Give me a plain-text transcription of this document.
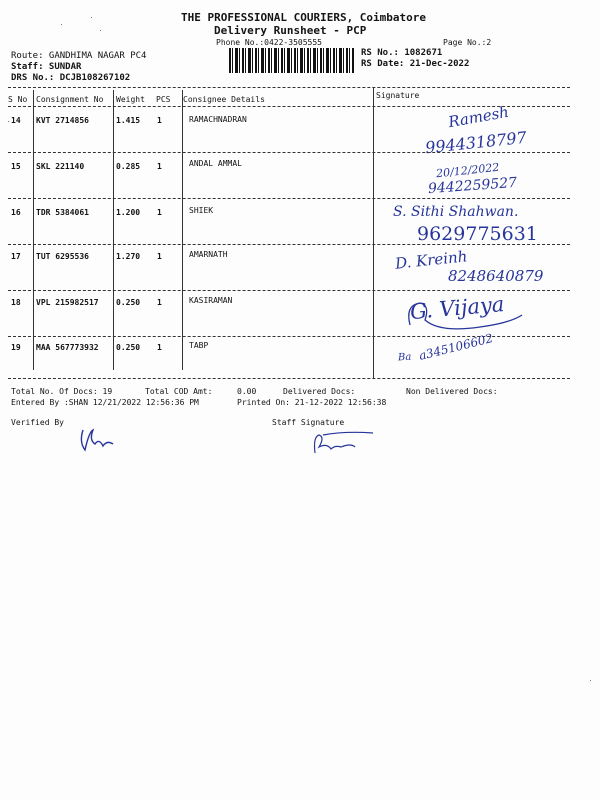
THE PROFESSIONAL COURIERS, Coimbatore
Delivery Runsheet - PCP
Phone No.:0422-3505555	Page No.:2
Route: GANDHIMA NAGAR PC4
Staff: SUNDAR
DRS No.: DCJB108267102
RS No.: 1082671
RS Date: 21-Dec-2022
S No Consignment No Weight PCS Consignee Details	Signature
14 KVT 2714856	1.415 1	RAMACHNADRAN	Ramesh
9944318797
15 SKL 221140	0.285 1	ANDAL AMMAL	20/12/2022
9442259527
16 TDR 5384061	1.200 1	SHIEK	S. Sithi Shahwan.
9629775631
17 TUT 6295536	1.270 1	AMARNATH	D. Kreinh
8248640879
18 VPL 215982517 0.250 1	KASIRAMAN	G. Vijaya
19 MAA 567773932 0.250 1	TABP
Ba a345106602
Total No. Of Docs: 19	Total COD Amt:	0.00	Delivered Docs:	Non Delivered Docs:
Entered By :SHAN 12/21/2022 12:56:36 PM	Printed On: 21-12-2022 12:56:38
Verified By	Staff Signature
